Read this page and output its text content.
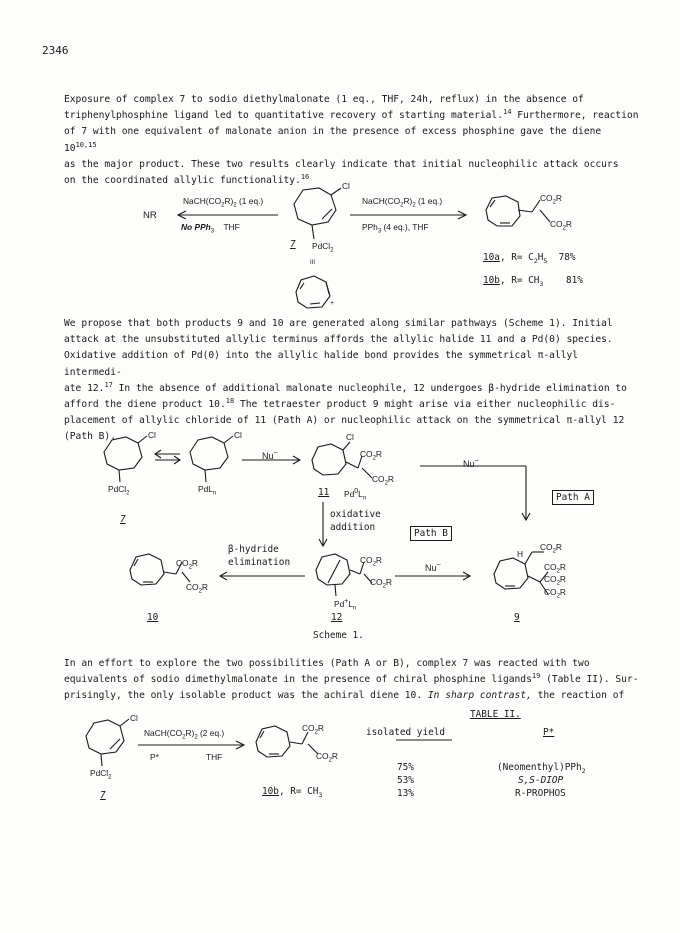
2346
Exposure of complex 7 to sodio diethylmalonate (1 eq., THF, 24h, reflux) in the absence of
triphenylphosphine ligand led to quantitative recovery of starting material.$^{14}$ Furthermore, reaction
of 7 with one equivalent of malonate anion in the presence of excess phosphine gave the diene 10$^{10,15}$
as the major product. These two results clearly indicate that initial nucleophilic attack occurs
on the coordinated allylic functionality.$^{16}$
We propose that both products 9 and 10 are generated along similar pathways (Scheme 1). Initial
attack at the unsubstituted allylic terminus affords the allylic halide 11 and a Pd(0) species.
Oxidative addition of Pd(0) into the allylic halide bond provides the symmetrical π-allyl intermedi-
ate 12.17 In the absence of additional malonate nucleophile, 12 undergoes β-hydride elimination to
afford the diene product 10.18 The tetraester product 9 might arise via either nucleophilic dis-
placement of allylic chloride of 11 (Path A) or nucleophilic attack on the symmetrical π-allyl 12
(Path B).
In an effort to explore the two possibilities (Path A or B), complex 7 was reacted with two
equivalents of sodio dimethylmalonate in the presence of chiral phosphine ligands$^{19}$ (Table II). Sur-
prisingly, the only isolable product was the achiral diene 10. In sharp contrast, the reaction of
NR
$NaCH(CO_2R)_2$ (1 eq.)
No PPh$_3$ THF
Cl
PdCl$_2$
7
III
$NaCH(CO_2R)_2$ (1 eq.)
PPh$_3$ (4 eq.), THF
$CO_2R$
$CO_2R$
10a, $R= C_2H_5$ 78%
10b, $R= CH_3$ 81%
+
Cl
PdCl$_2$
7
Cl
PdL$_n$
Nu−
Cl
$CO_2R$
$CO_2R$
11 $Pd^0L_n$
Nu−
Path A
oxidative
addition
Path B
β-hydride
elimination	$CO_2R$
$CO_2R$
$Pd^+L_n$
Nu−
$CO_2R$
$CO_2R$
H
$CO_2R$
$CO_2R$
$CO_2R$
$CO_2R$
10	12	9
Scheme 1.
Cl
PdCl$_2$
7
$NaCH(CO_2R)_2$ (2 eq.)
P*	THF
$CO_2R$
$CO_2R$
10b, $R= CH_3$
TABLE II.
isolated yield	P*
75%	(Neomenthyl)PPh$_2$
53%	S,S-DIOP
13%	R-PROPHOS
